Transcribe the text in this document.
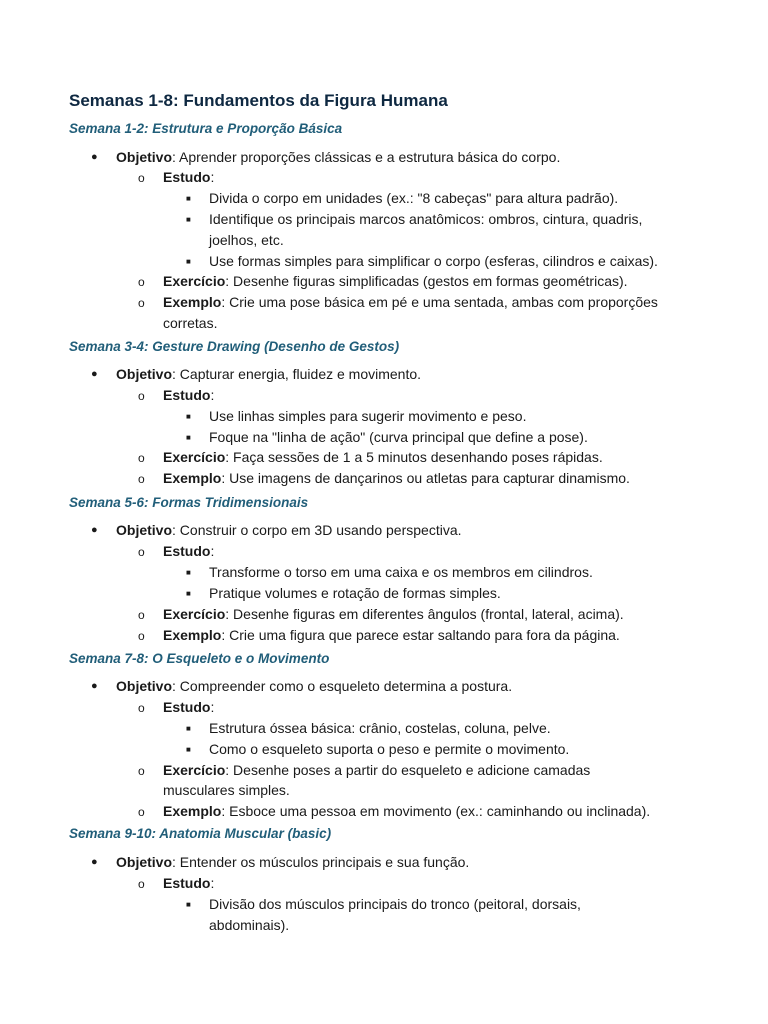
Semanas 1-8: Fundamentos da Figura Humana

Semana 1-2: Estrutura e Proporção Básica

● Objetivo: Aprender proporções clássicas e a estrutura básica do corpo.

o Estudo:

■ Divida o corpo em unidades (ex.: "8 cabeças" para altura padrão).

■ Identifique os principais marcos anatômicos: ombros, cintura, quadris,

joelhos, etc.

■ Use formas simples para simplificar o corpo (esferas, cilindros e caixas).

o Exercício: Desenhe figuras simplificadas (gestos em formas geométricas).

o Exemplo: Crie uma pose básica em pé e uma sentada, ambas com proporções

corretas.

Semana 3-4: Gesture Drawing (Desenho de Gestos)

● Objetivo: Capturar energia, fluidez e movimento.

o Estudo:

■ Use linhas simples para sugerir movimento e peso.

■ Foque na "linha de ação" (curva principal que define a pose).

o Exercício: Faça sessões de 1 a 5 minutos desenhando poses rápidas.

o Exemplo: Use imagens de dançarinos ou atletas para capturar dinamismo.

Semana 5-6: Formas Tridimensionais

● Objetivo: Construir o corpo em 3D usando perspectiva.

o Estudo:

■ Transforme o torso em uma caixa e os membros em cilindros.

■ Pratique volumes e rotação de formas simples.

o Exercício: Desenhe figuras em diferentes ângulos (frontal, lateral, acima).

o Exemplo: Crie uma figura que parece estar saltando para fora da página.

Semana 7-8: O Esqueleto e o Movimento

● Objetivo: Compreender como o esqueleto determina a postura.

o Estudo:

■ Estrutura óssea básica: crânio, costelas, coluna, pelve.

■ Como o esqueleto suporta o peso e permite o movimento.

o Exercício: Desenhe poses a partir do esqueleto e adicione camadas

musculares simples.

o Exemplo: Esboce uma pessoa em movimento (ex.: caminhando ou inclinada).

Semana 9-10: Anatomia Muscular (basic)

● Objetivo: Entender os músculos principais e sua função.

o Estudo:

■ Divisão dos músculos principais do tronco (peitoral, dorsais,

abdominais).
